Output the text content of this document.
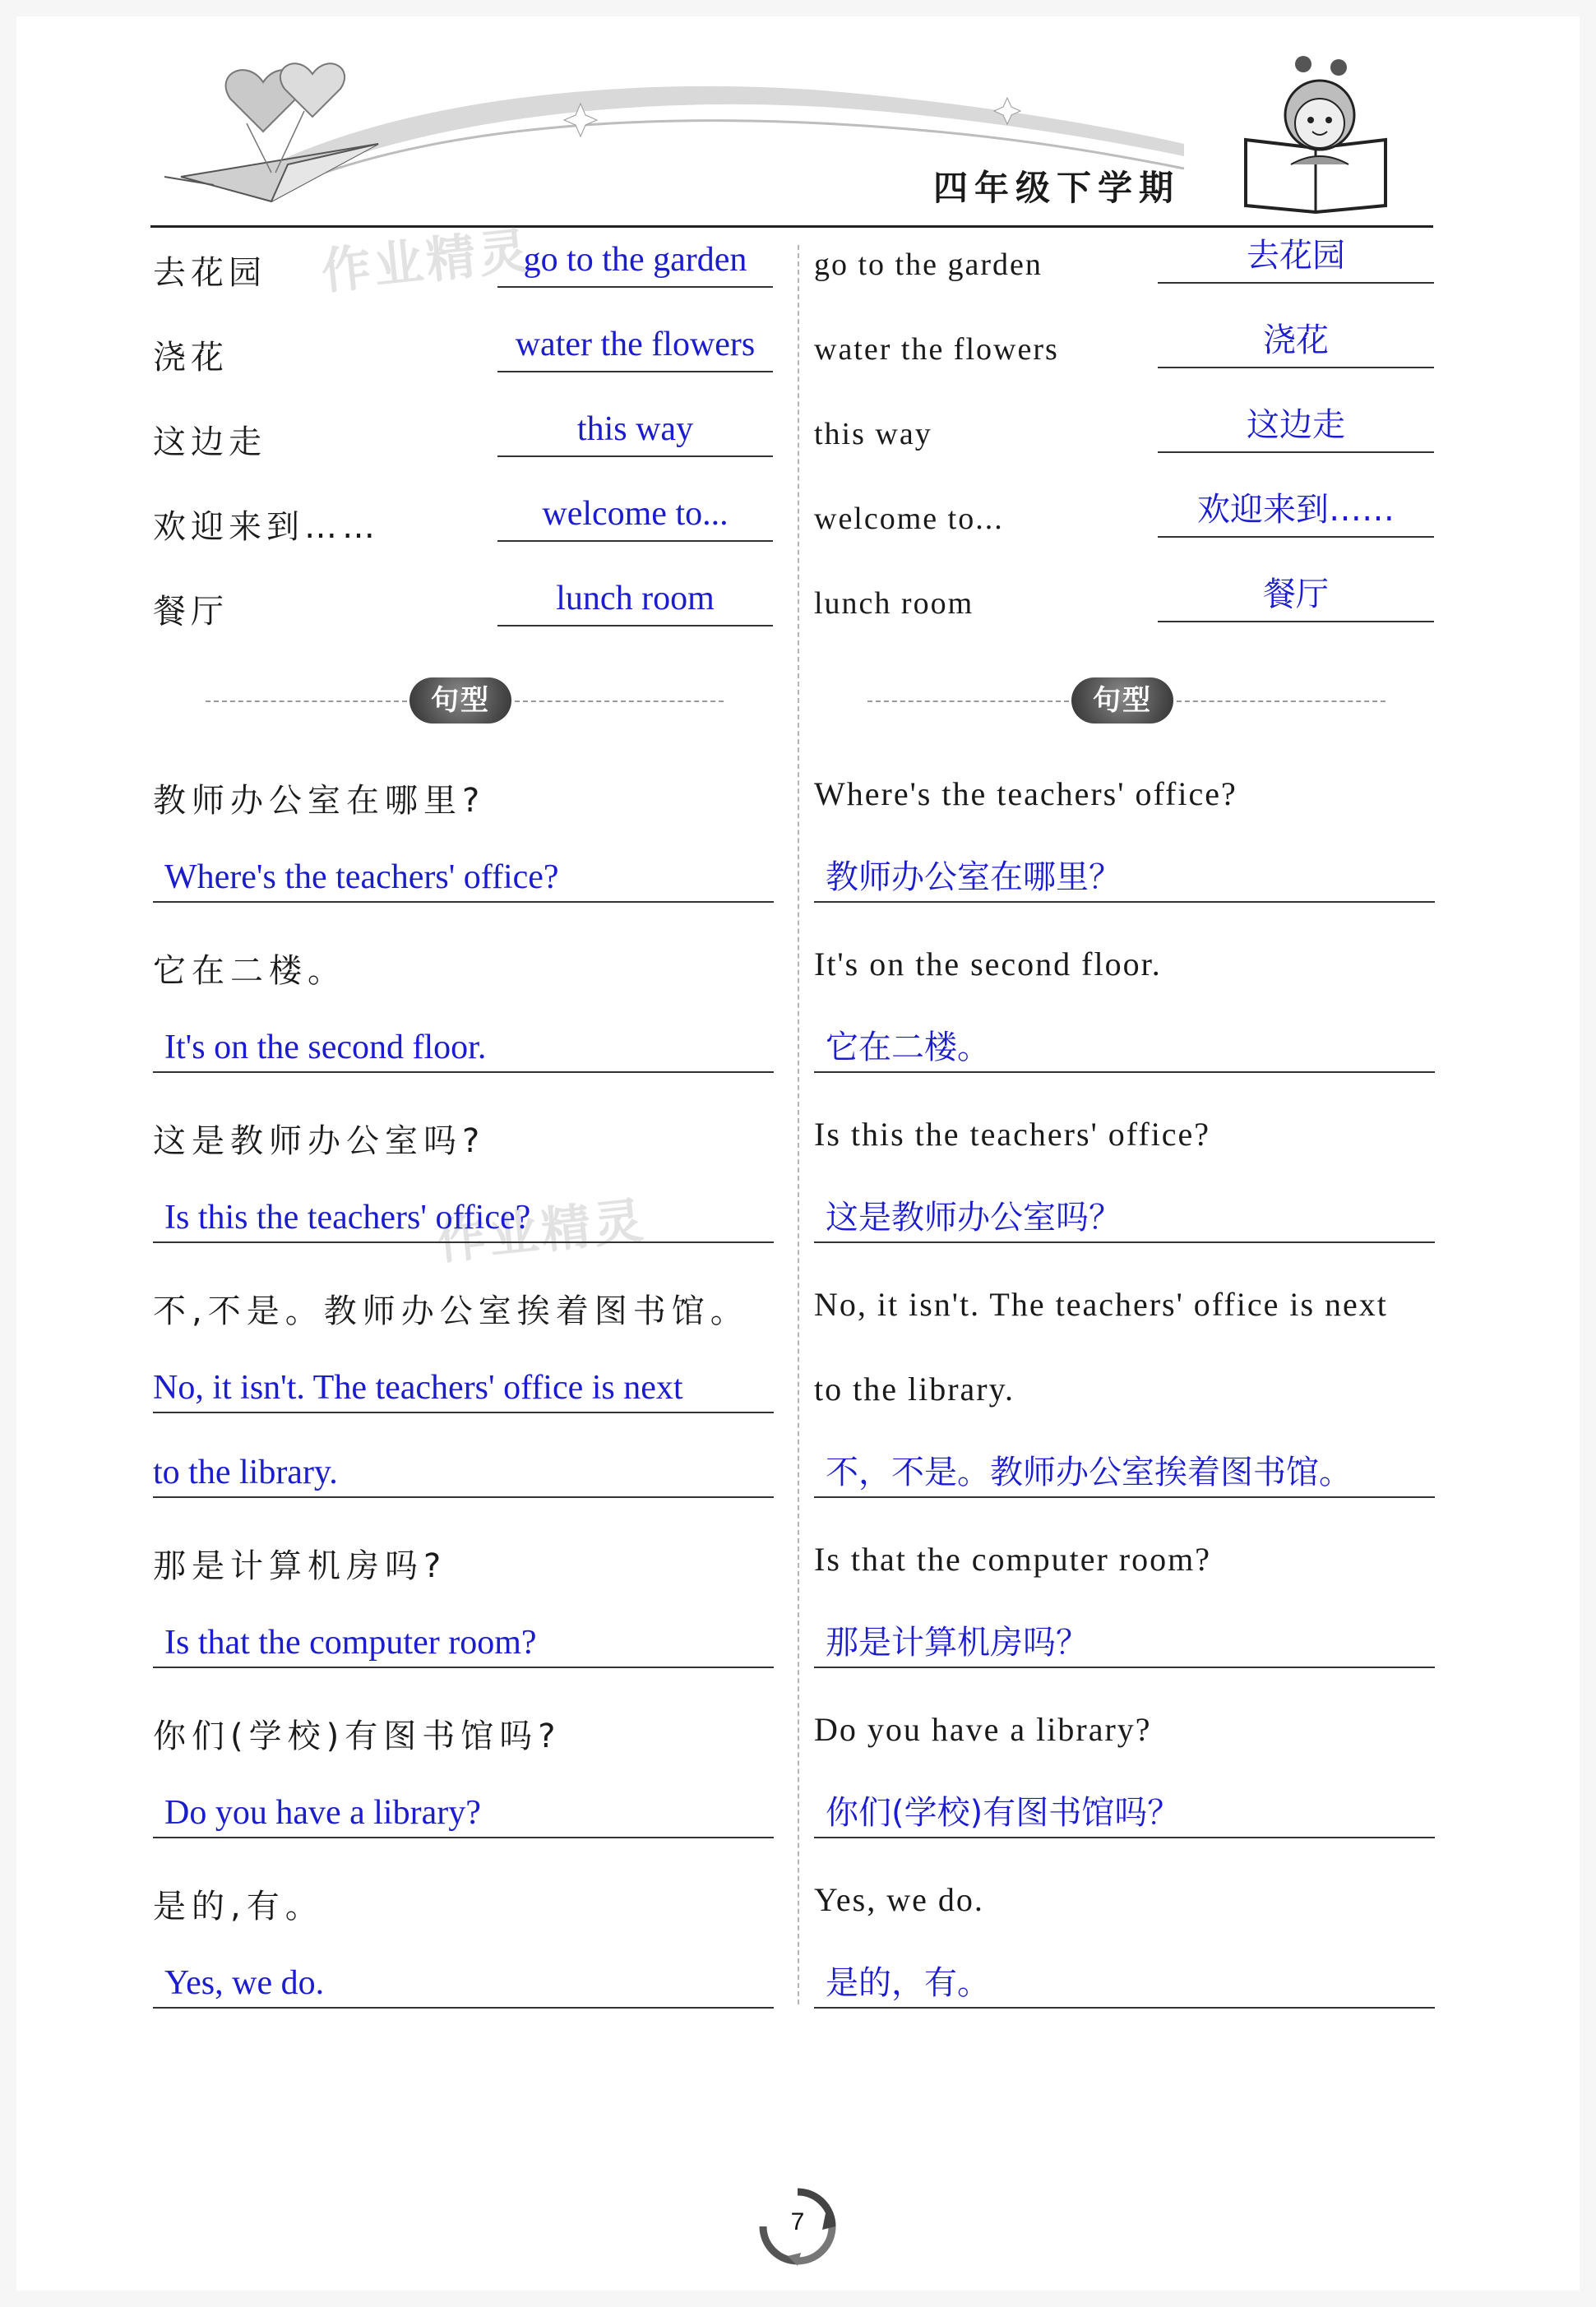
四年级下学期
作业精灵
作业精灵
去花园	go to the garden
浇花	water the flowers
这边走	this way
欢迎来到……	welcome to...
餐厅	lunch room
go to the garden	去花园
water the flowers	浇花
this way	这边走
welcome to...	欢迎来到……
lunch room	餐厅
句型	句型
教师办公室在哪里?
Where's the teachers' office?
它在二楼。
It's on the second floor.
这是教师办公室吗?
Is this the teachers' office?
不,不是。教师办公室挨着图书馆。
No, it isn't. The teachers' office is next
to the library.
那是计算机房吗?
Is that the computer room?
你们(学校)有图书馆吗?
Do you have a library?
是的,有。
Yes, we do.
Where's the teachers' office?
教师办公室在哪里？
It's on the second floor.
它在二楼。
Is this the teachers' office?
这是教师办公室吗？
No, it isn't. The teachers' office is next
to the library.
不，不是。教师办公室挨着图书馆。
Is that the computer room?
那是计算机房吗？
Do you have a library?
你们(学校)有图书馆吗？
Yes, we do.
是的，有。
7
